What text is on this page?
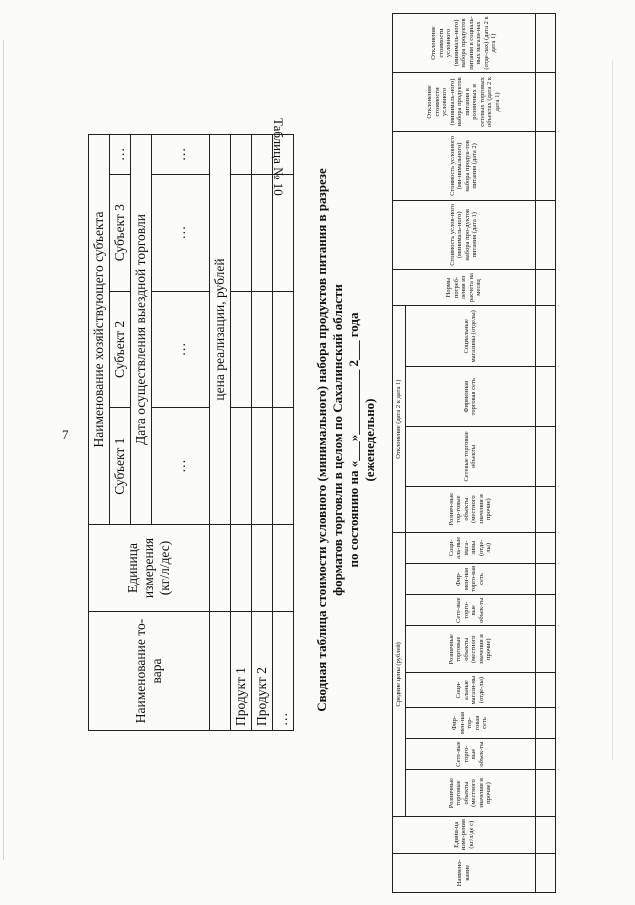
7
Наименование то-вара	Единица измерения (кг/л/дес)	Наименование хозяйствующего субъекта			
		Субъект 1	Субъект 2	Субъект 3	…
		Дата осуществления выездной торговли			
		…	…	…	…
		цена реализации, рублей			
Продукт 1					
Продукт 2					
…					
Таблица № 10
Сводная таблица стоимости условного (минимального) набора продуктов питания в разрезе форматов торговли в целом по Сахалинский области по состоянию на «___»__________ 2___ года (еженедельно)
Наимено-вание	Едини-ца изме-рения (кг/л/де с)	Средние цены (рублей)								Отклонение (дата 2 к дата 1)				Нормы потреб-ления из расчета на месяц	Стоимость услов-ного (минималь-ного) набора про-дуктов питания (дата 1)	Стоимость условного (ми-нимального) набора продук-тов питания (дата 2)	Отклонение стоимости условного (минималь-ного) набора продуктов питания в розничных и сетевых торговых объектах (дата 2 к дата 1)	Отклонение стоимости условного (минималь-ного) набора продуктов питания в социаль-ных магази-нах (отде-лах) (дата 2 к дата 1)
		Розничные торговые объекты (местного значения и прочие)	Сете-вые торго-вые объек-ты	Фир-мен-ная тор-говая сеть	Соци-альные магази-ны (отде-лы)	Розничные торговые объекты (местного значения и прочие)	Сете-вые торго-вые объек-ты	Фир-мен-ная торго-вая сеть	Соци-аль-ные мага-зины (отде-лы)	Рознич-ные тор-говые объекты (местного значения и прочие)	Сетевые торговые объекты	Фирменная торговая сеть	Социальные магазины (отделы)					
